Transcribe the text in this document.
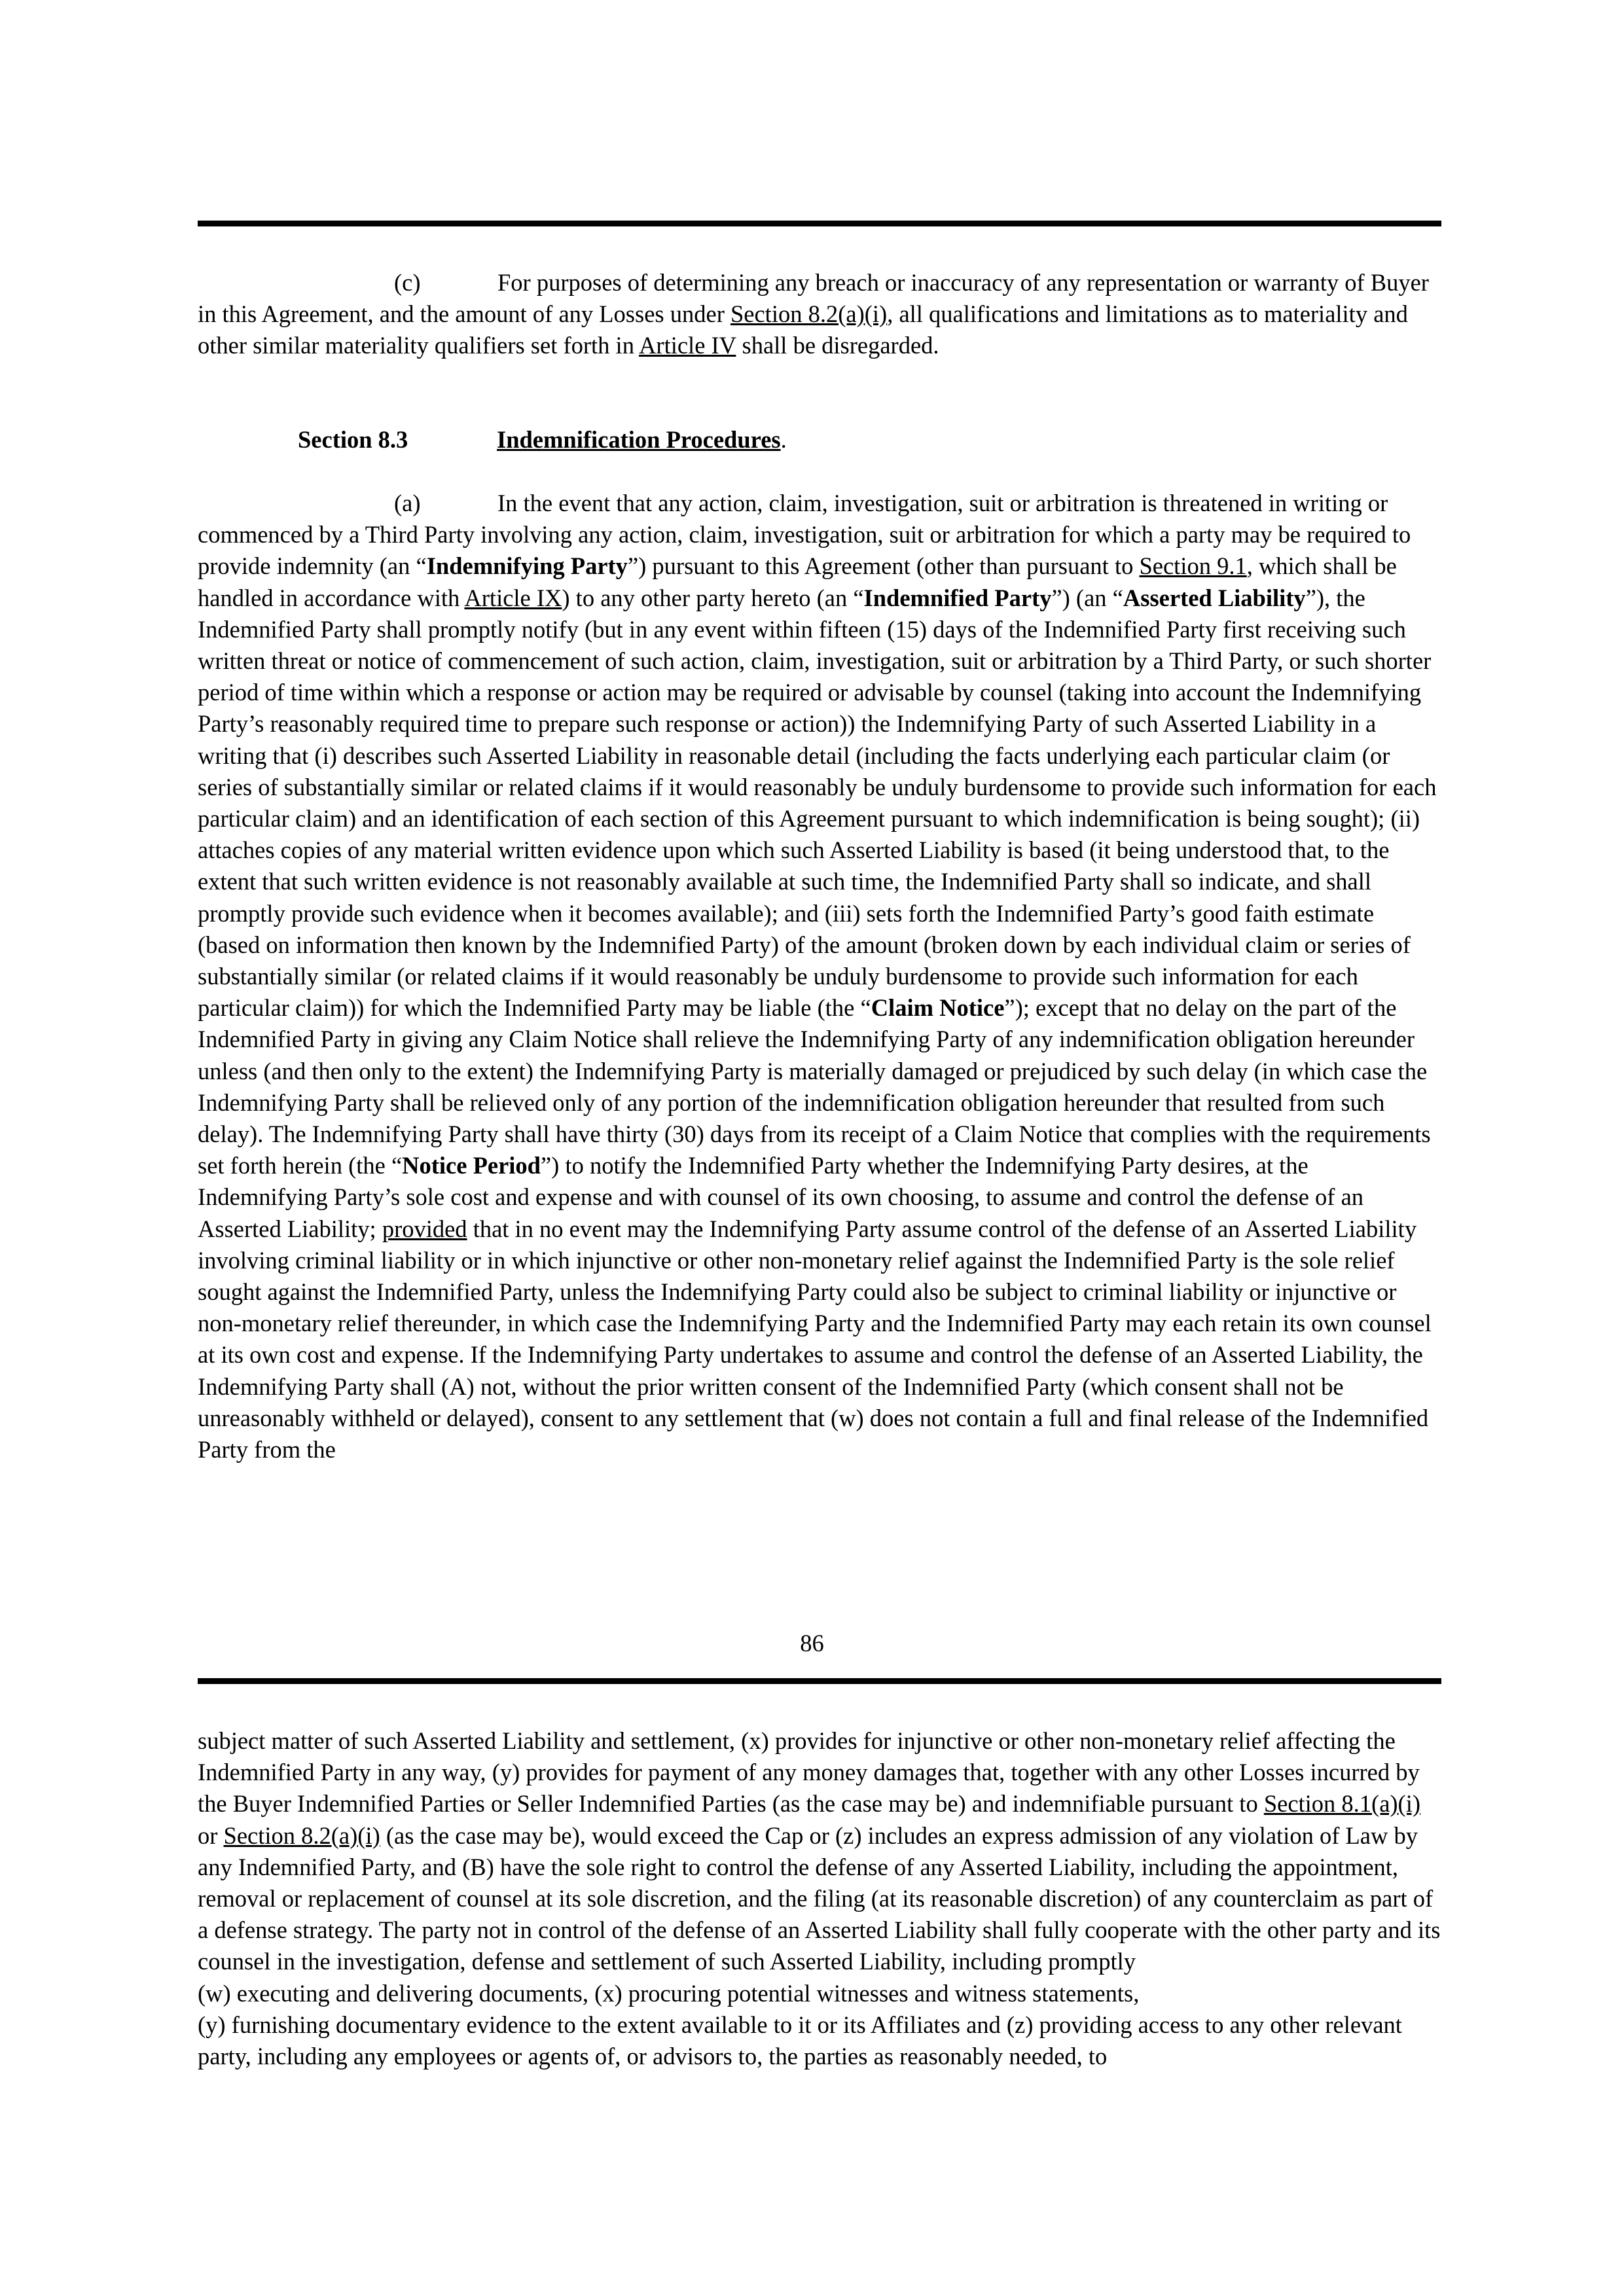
(c)	For purposes of determining any breach or inaccuracy of any representation or warranty of Buyer in this Agreement, and the amount of any Losses under Section 8.2(a)(i), all qualifications and limitations as to materiality and other similar materiality qualifiers set forth in Article IV shall be disregarded.

Section 8.3	Indemnification Procedures.

(a)	In the event that any action, claim, investigation, suit or arbitration is threatened in writing or commenced by a Third Party involving any action, claim, investigation, suit or arbitration for which a party may be required to provide indemnity (an “Indemnifying Party”) pursuant to this Agreement (other than pursuant to Section 9.1, which shall be handled in accordance with Article IX) to any other party hereto (an “Indemnified Party”) (an “Asserted Liability”), the Indemnified Party shall promptly notify (but in any event within fifteen (15) days of the Indemnified Party first receiving such written threat or notice of commencement of such action, claim, investigation, suit or arbitration by a Third Party, or such shorter period of time within which a response or action may be required or advisable by counsel (taking into account the Indemnifying Party’s reasonably required time to prepare such response or action)) the Indemnifying Party of such Asserted Liability in a writing that (i) describes such Asserted Liability in reasonable detail (including the facts underlying each particular claim (or series of substantially similar or related claims if it would reasonably be unduly burdensome to provide such information for each particular claim) and an identification of each section of this Agreement pursuant to which indemnification is being sought); (ii) attaches copies of any material written evidence upon which such Asserted Liability is based (it being understood that, to the extent that such written evidence is not reasonably available at such time, the Indemnified Party shall so indicate, and shall promptly provide such evidence when it becomes available); and (iii) sets forth the Indemnified Party’s good faith estimate (based on information then known by the Indemnified Party) of the amount (broken down by each individual claim or series of substantially similar (or related claims if it would reasonably be unduly burdensome to provide such information for each particular claim)) for which the Indemnified Party may be liable (the “Claim Notice”); except that no delay on the part of the Indemnified Party in giving any Claim Notice shall relieve the Indemnifying Party of any indemnification obligation hereunder unless (and then only to the extent) the Indemnifying Party is materially damaged or prejudiced by such delay (in which case the Indemnifying Party shall be relieved only of any portion of the indemnification obligation hereunder that resulted from such delay). The Indemnifying Party shall have thirty (30) days from its receipt of a Claim Notice that complies with the requirements set forth herein (the “Notice Period”) to notify the Indemnified Party whether the Indemnifying Party desires, at the Indemnifying Party’s sole cost and expense and with counsel of its own choosing, to assume and control the defense of an Asserted Liability; provided that in no event may the Indemnifying Party assume control of the defense of an Asserted Liability involving criminal liability or in which injunctive or other non-monetary relief against the Indemnified Party is the sole relief sought against the Indemnified Party, unless the Indemnifying Party could also be subject to criminal liability or injunctive or non-monetary relief thereunder, in which case the Indemnifying Party and the Indemnified Party may each retain its own counsel at its own cost and expense. If the Indemnifying Party undertakes to assume and control the defense of an Asserted Liability, the Indemnifying Party shall (A) not, without the prior written consent of the Indemnified Party (which consent shall not be unreasonably withheld or delayed), consent to any settlement that (w) does not contain a full and final release of the Indemnified Party from the

86

subject matter of such Asserted Liability and settlement, (x) provides for injunctive or other non-monetary relief affecting the Indemnified Party in any way, (y) provides for payment of any money damages that, together with any other Losses incurred by the Buyer Indemnified Parties or Seller Indemnified Parties (as the case may be) and indemnifiable pursuant to Section 8.1(a)(i) or Section 8.2(a)(i) (as the case may be), would exceed the Cap or (z) includes an express admission of any violation of Law by any Indemnified Party, and (B) have the sole right to control the defense of any Asserted Liability, including the appointment, removal or replacement of counsel at its sole discretion, and the filing (at its reasonable discretion) of any counterclaim as part of a defense strategy. The party not in control of the defense of an Asserted Liability shall fully cooperate with the other party and its counsel in the investigation, defense and settlement of such Asserted Liability, including promptly
(w) executing and delivering documents, (x) procuring potential witnesses and witness statements,
(y) furnishing documentary evidence to the extent available to it or its Affiliates and (z) providing access to any other relevant party, including any employees or agents of, or advisors to, the parties as reasonably needed, to
